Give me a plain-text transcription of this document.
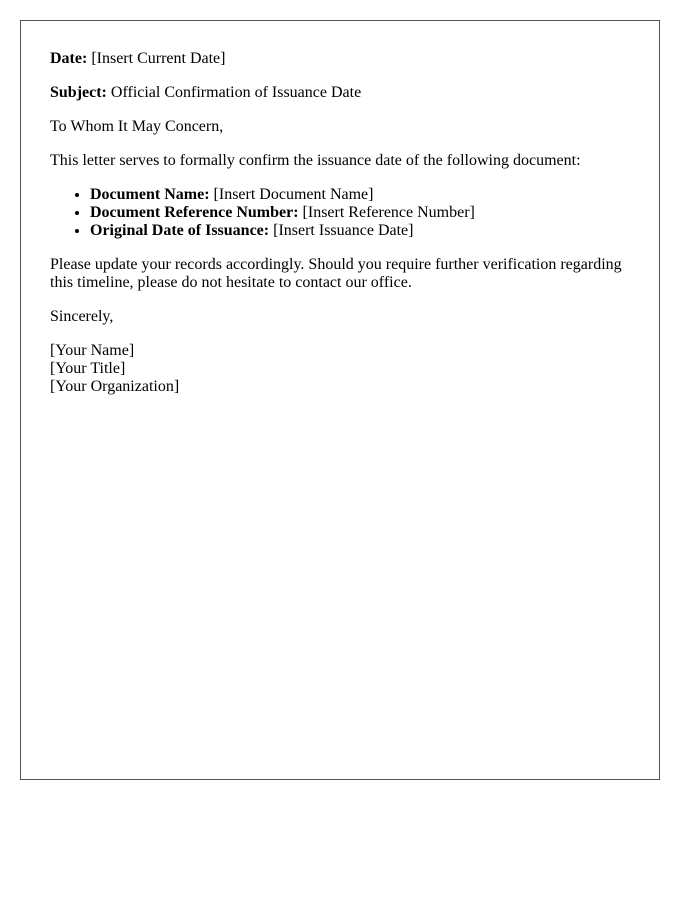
Date: [Insert Current Date]

Subject: Official Confirmation of Issuance Date

To Whom It May Concern,

This letter serves to formally confirm the issuance date of the following document:

• Document Name: [Insert Document Name]
• Document Reference Number: [Insert Reference Number]
• Original Date of Issuance: [Insert Issuance Date]

Please update your records accordingly. Should you require further verification regarding this timeline, please do not hesitate to contact our office.

Sincerely,

[Your Name]
[Your Title]
[Your Organization]
